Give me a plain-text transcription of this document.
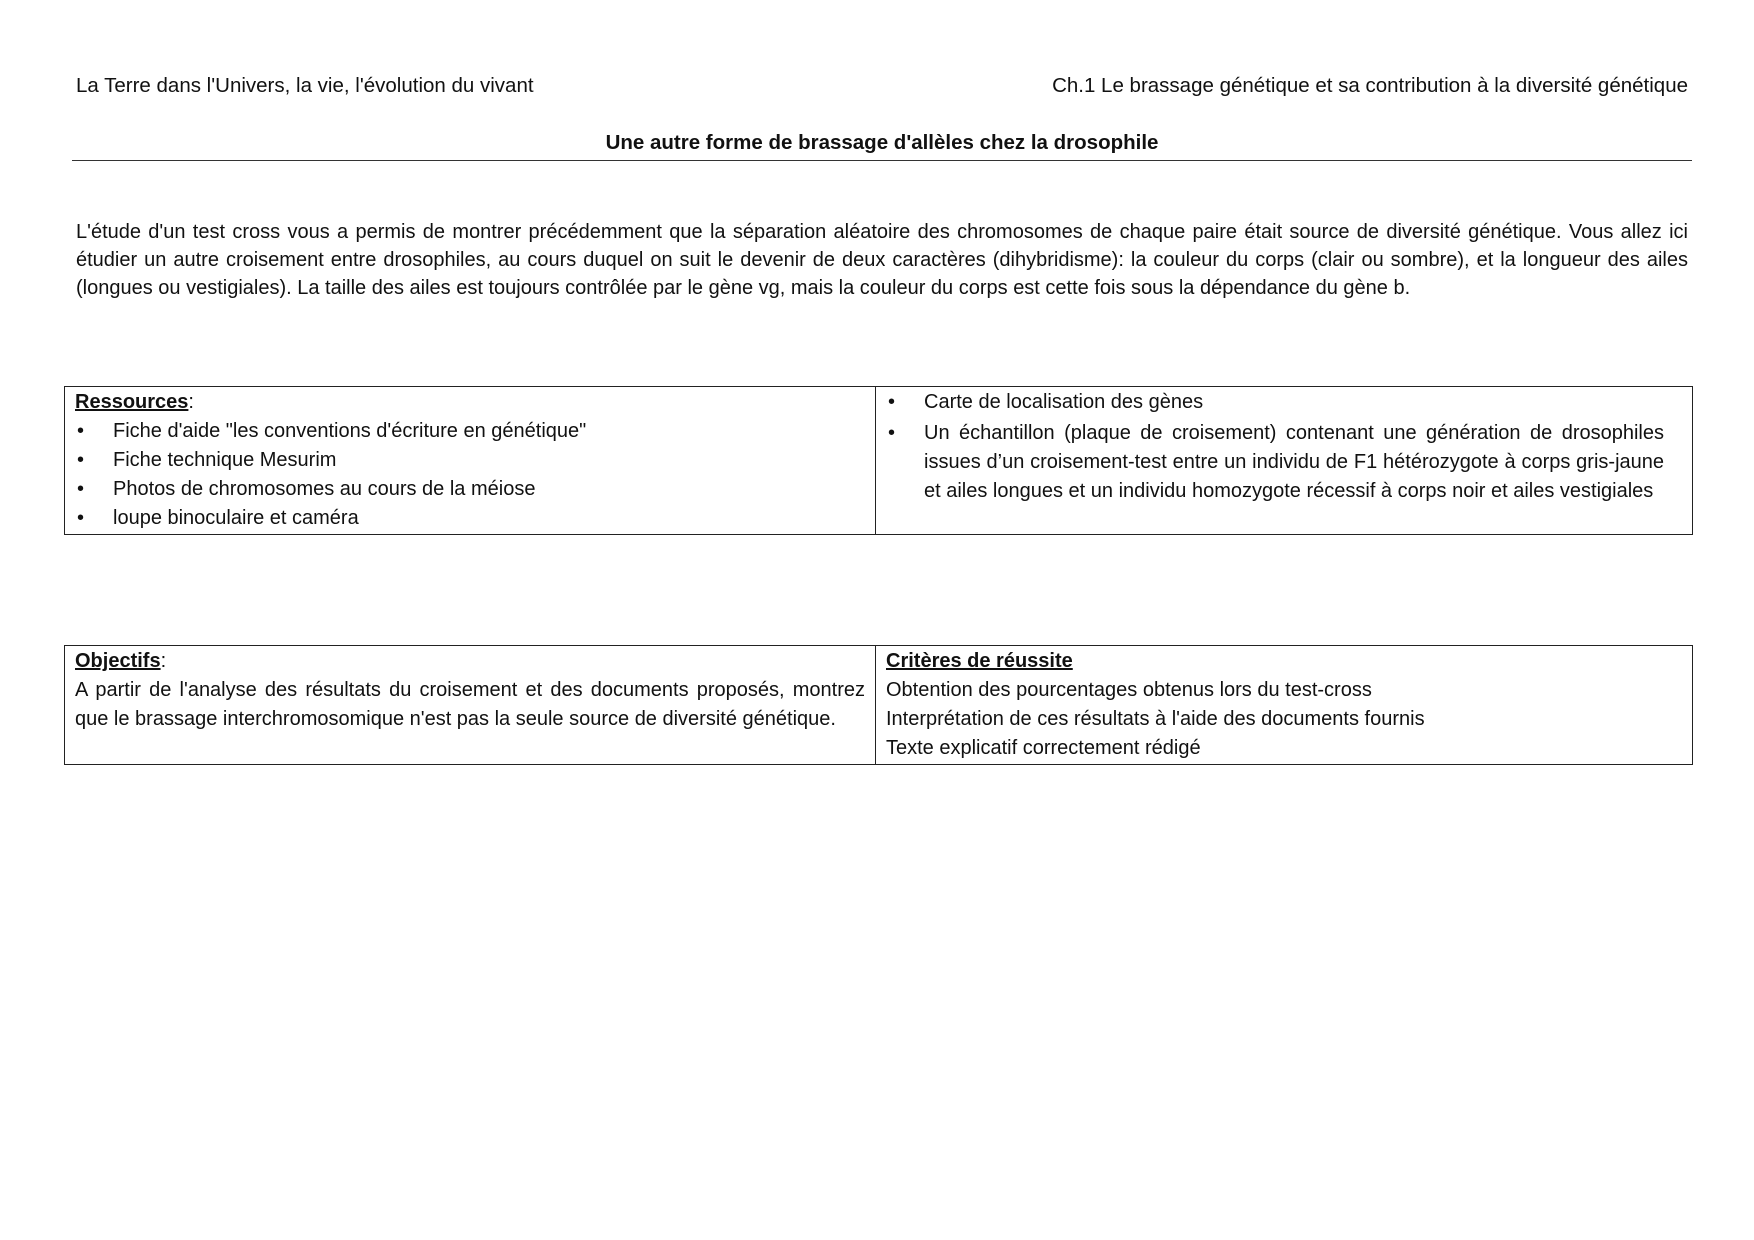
La Terre dans l'Univers, la vie, l'évolution du vivant	Ch.1 Le brassage génétique et sa contribution à la diversité génétique
Une autre forme de brassage d'allèles chez la drosophile
L'étude d'un test cross vous a permis de montrer précédemment que la séparation aléatoire des chromosomes de chaque paire était source de diversité génétique. Vous allez ici étudier un autre croisement entre drosophiles, au cours duquel on suit le devenir de deux caractères (dihybridisme): la couleur du corps (clair ou sombre), et la longueur des ailes (longues ou vestigiales). La taille des ailes est toujours contrôlée par le gène vg, mais la couleur du corps est cette fois sous la dépendance du gène b.
Ressources:
• Fiche d'aide "les conventions d'écriture en génétique"
• Fiche technique Mesurim
• Photos de chromosomes au cours de la méiose
• loupe binoculaire et caméra

• Carte de localisation des gènes
• Un échantillon (plaque de croisement) contenant une génération de drosophiles issues d’un croisement-test entre un individu de F1 hétérozygote à corps gris-jaune et ailes longues et un individu homozygote récessif à corps noir et ailes vestigiales
Objectifs:
A partir de l'analyse des résultats du croisement et des documents proposés, montrez que le brassage interchromosomique n'est pas la seule source de diversité génétique.

Critères de réussite
Obtention des pourcentages obtenus lors du test-cross
Interprétation de ces résultats à l'aide des documents fournis
Texte explicatif correctement rédigé
